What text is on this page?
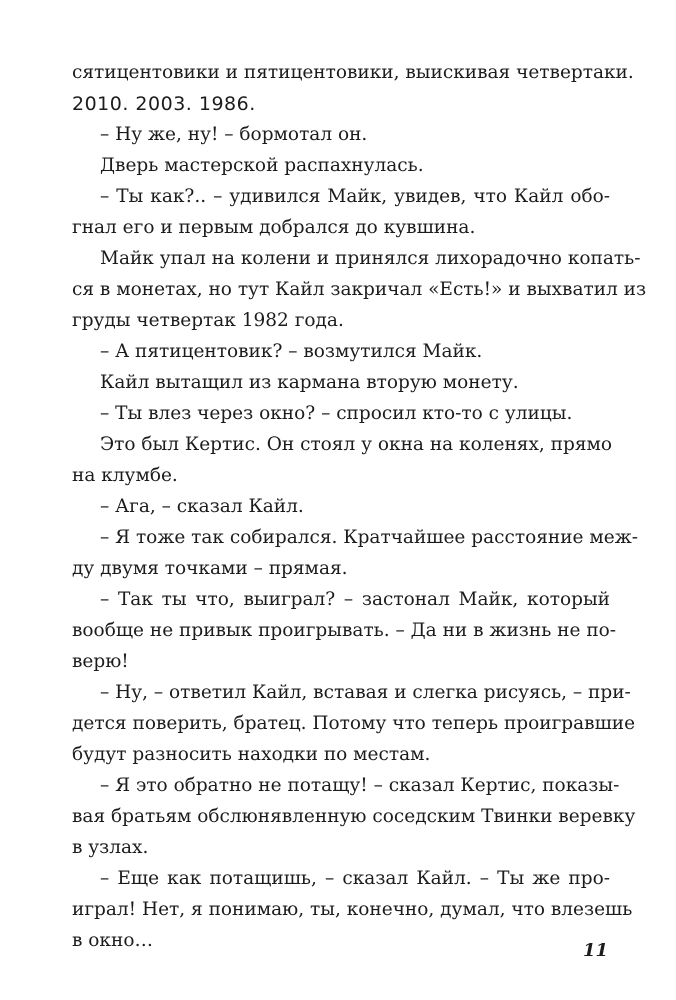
сятицентовики и пятицентовики, выискивая четвертаки.
2010. 2003. 1986.
– Ну же, ну! – бормотал он.
Дверь мастерской распахнулась.
– Ты как?.. – удивился Майк, увидев, что Кайл обо-
гнал его и первым добрался до кувшина.
Майк упал на колени и принялся лихорадочно копать-
ся в монетах, но тут Кайл закричал «Есть!» и выхватил из
груды четвертак 1982 года.
– А пятицентовик? – возмутился Майк.
Кайл вытащил из кармана вторую монету.
– Ты влез через окно? – спросил кто-то с улицы.
Это был Кертис. Он стоял у окна на коленях, прямо
на клумбе.
– Ага, – сказал Кайл.
– Я тоже так собирался. Кратчайшее расстояние меж-
ду двумя точками – прямая.
– Так ты что, выиграл? – застонал Майк, который
вообще не привык проигрывать. – Да ни в жизнь не по-
верю!
– Ну, – ответил Кайл, вставая и слегка рисуясь, – при-
дется поверить, братец. Потому что теперь проигравшие
будут разносить находки по местам.
– Я это обратно не потащу! – сказал Кертис, показы-
вая братьям обслюнявленную соседским Твинки веревку
в узлах.
– Еще как потащишь, – сказал Кайл. – Ты же про-
играл! Нет, я понимаю, ты, конечно, думал, что влезешь
в окно…	11
